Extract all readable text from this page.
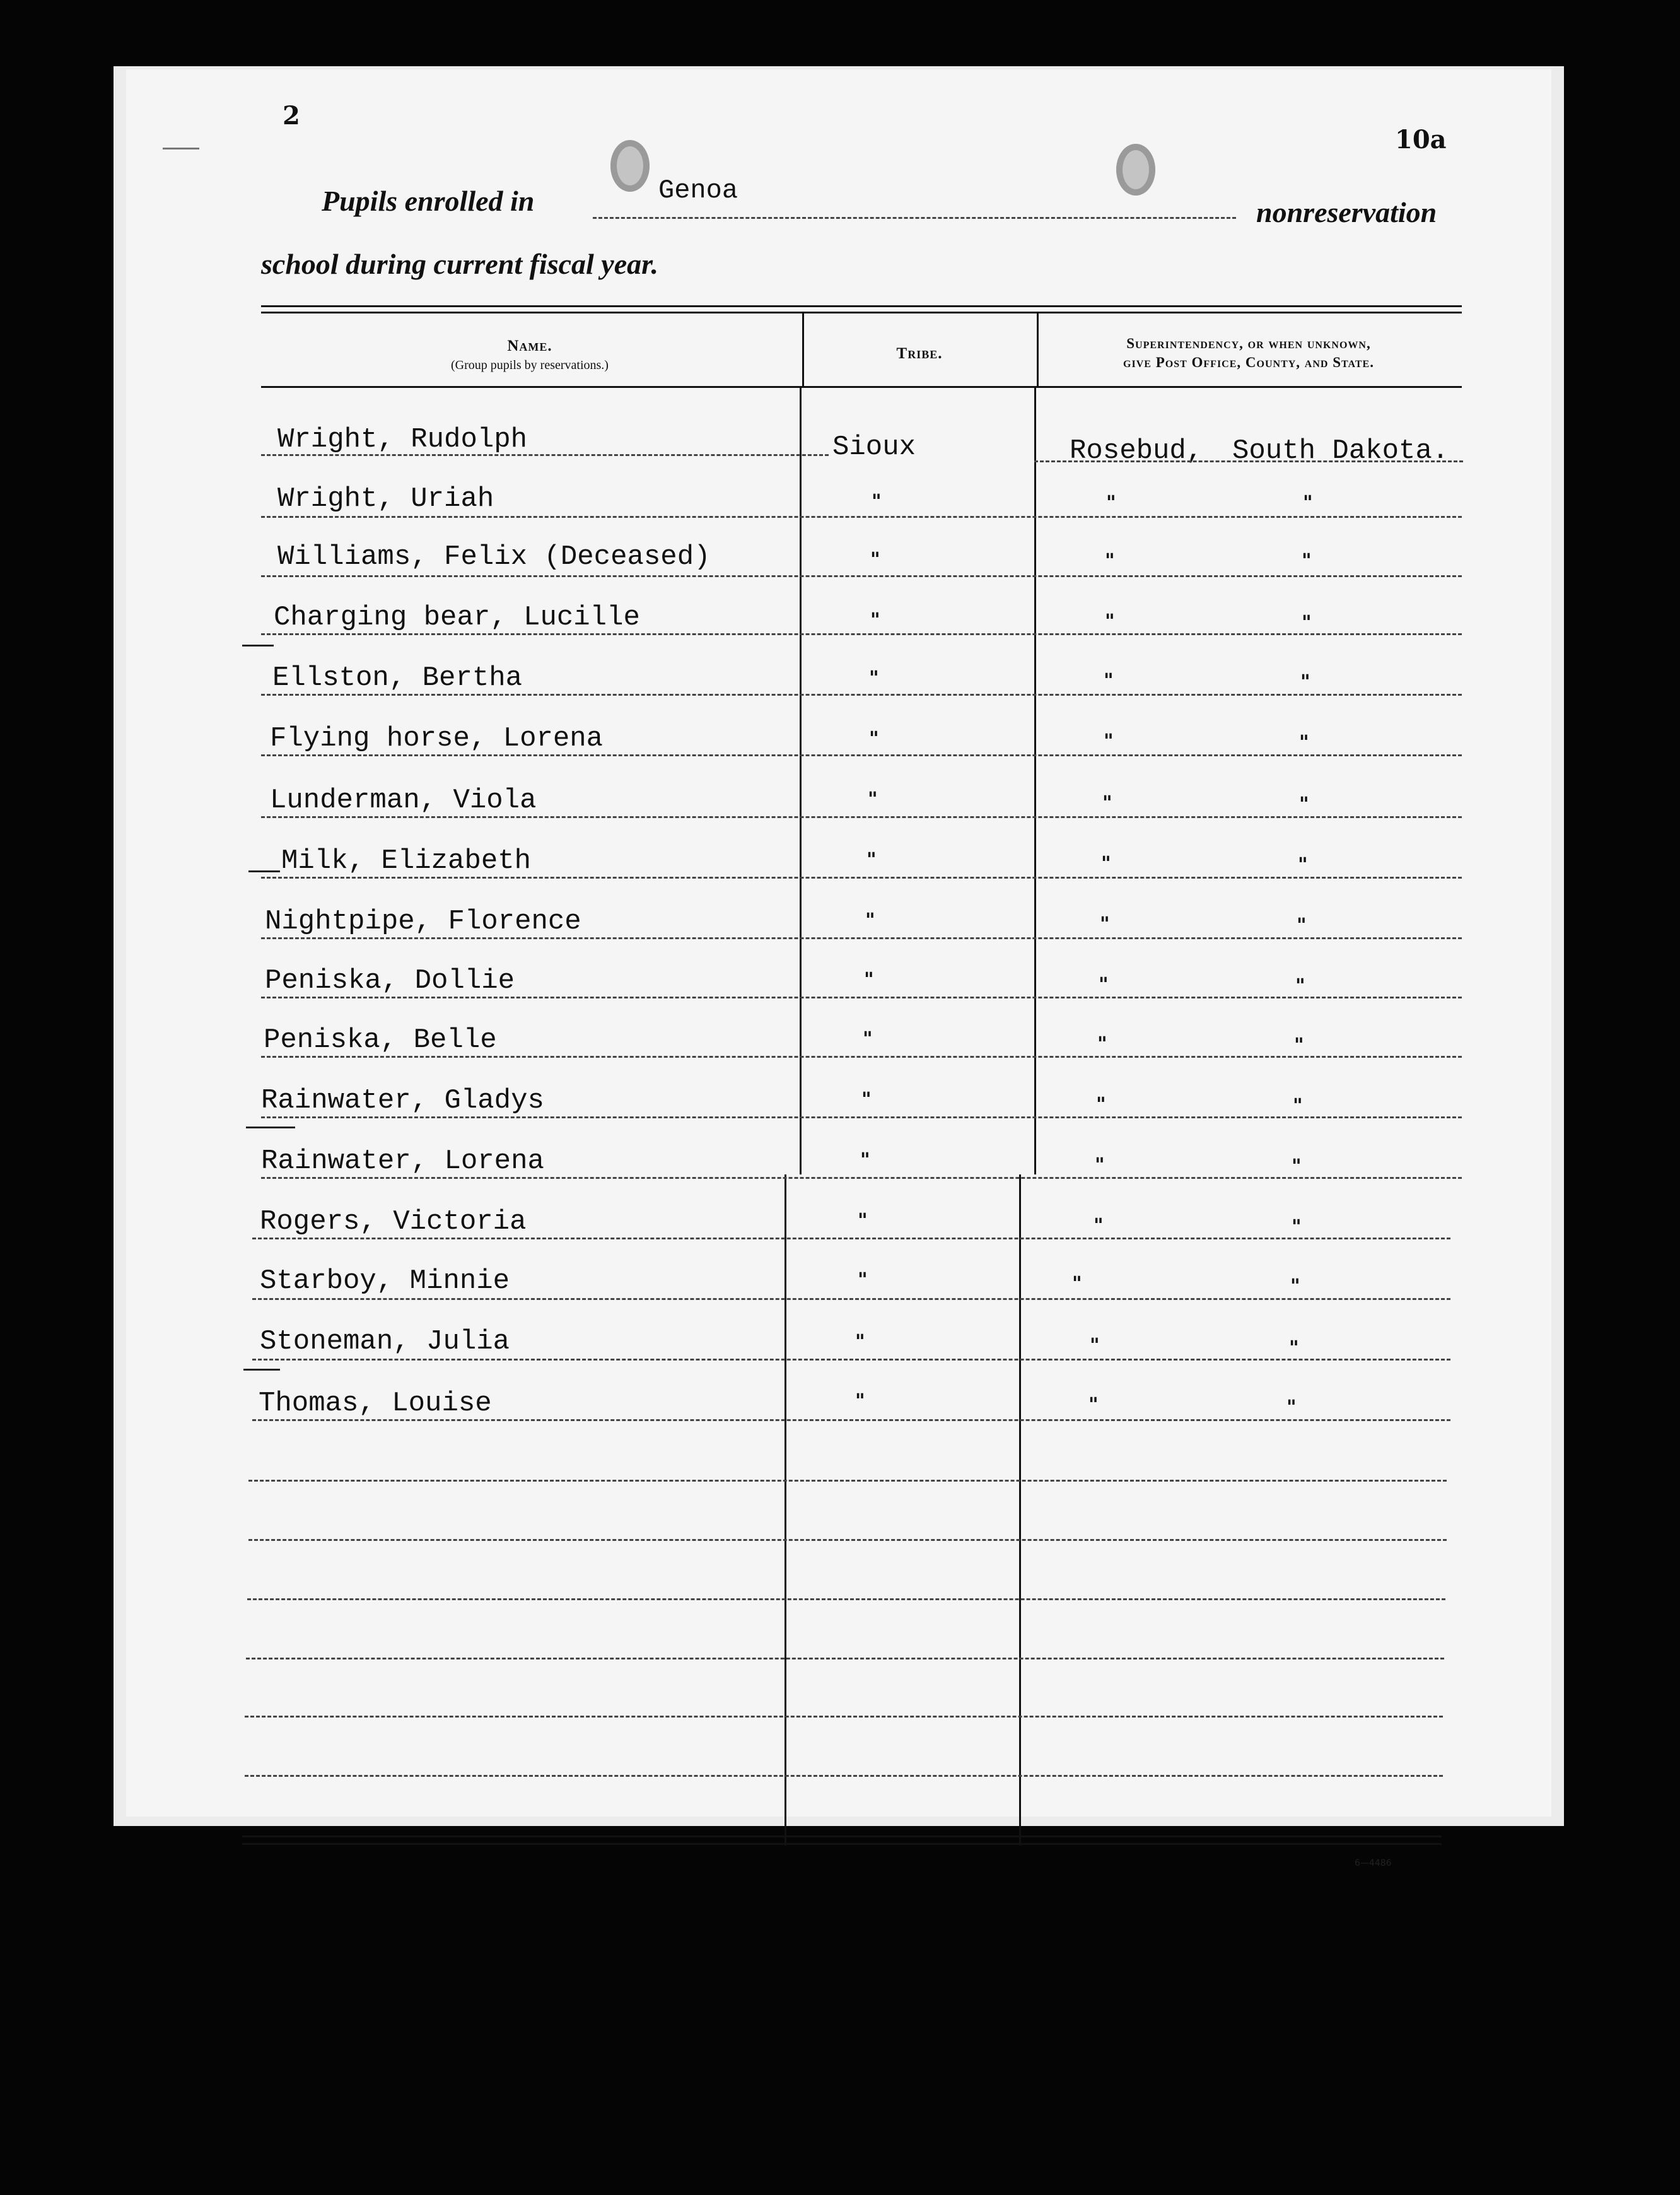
2
10a
Pupils enrolled in	Genoa
nonreservation
school during current fiscal year.
Name.
(Group pupils by reservations.)
Tribe.
Superintendency, or when unknown,
give Post Office, County, and State.
Wright, Rudolph	Sioux	Rosebud, South Dakota.
Wright, Uriah	"	"	"
Williams, Felix (Deceased)	"	"	"
Charging bear, Lucille	"	"	"
Ellston, Bertha	"	"	"
Flying horse, Lorena	"	"	"
Lunderman, Viola	"	"	"
Milk, Elizabeth	"	"	"
Nightpipe, Florence	"	"	"
Peniska, Dollie	"	"	"
Peniska, Belle	"	"	"
Rainwater, Gladys	"	"	"
Rainwater, Lorena	"	"	"
Rogers, Victoria	"	"	"
Starboy, Minnie	"	"	"
Stoneman, Julia	"	"	"
Thomas, Louise	"	"	"
6—4486
